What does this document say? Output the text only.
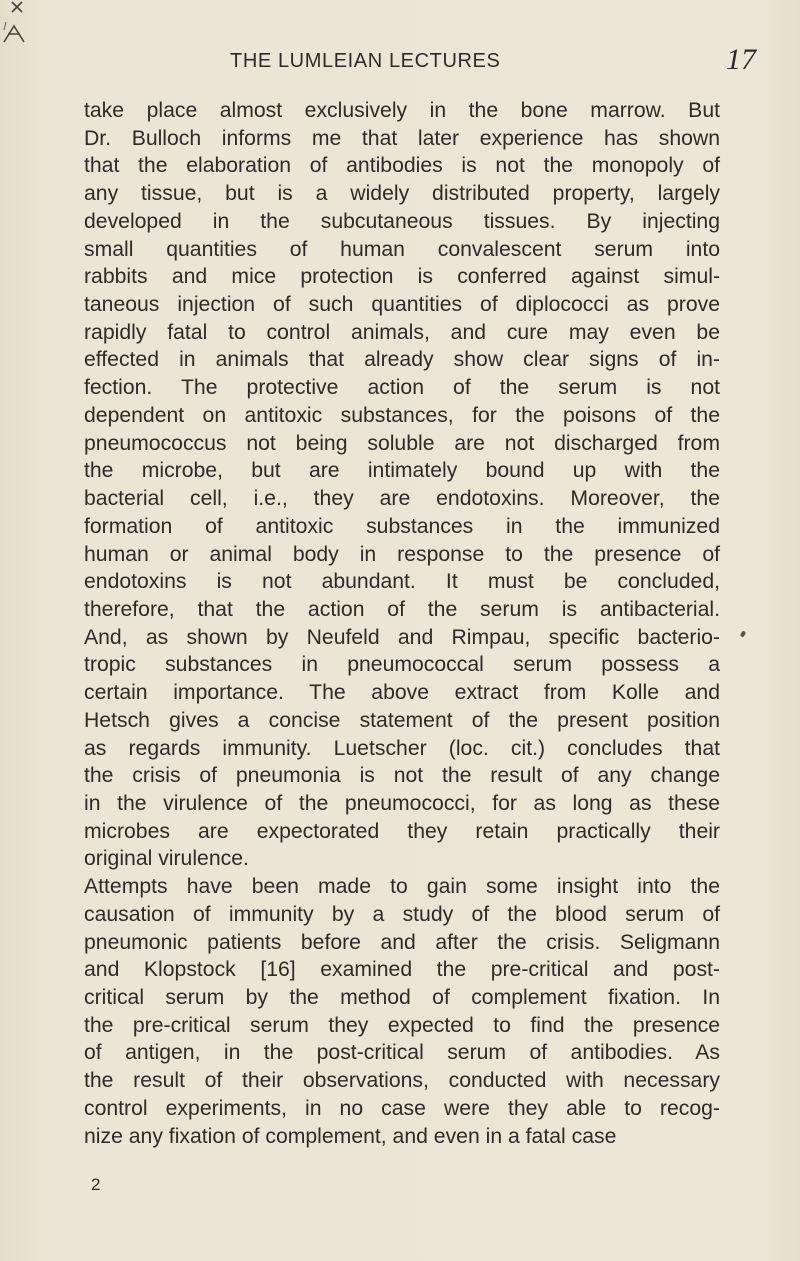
THE LUMLEIAN LECTURES	17
take place almost exclusively in the bone marrow. But
Dr. Bulloch informs me that later experience has shown
that the elaboration of antibodies is not the monopoly of
any tissue, but is a widely distributed property, largely
developed in the subcutaneous tissues. By injecting
small quantities of human convalescent serum into
rabbits and mice protection is conferred against simul-
taneous injection of such quantities of diplococci as prove
rapidly fatal to control animals, and cure may even be
effected in animals that already show clear signs of in-
fection. The protective action of the serum is not
dependent on antitoxic substances, for the poisons of the
pneumococcus not being soluble are not discharged from
the microbe, but are intimately bound up with the
bacterial cell, i.e., they are endotoxins. Moreover, the
formation of antitoxic substances in the immunized
human or animal body in response to the presence of
endotoxins is not abundant. It must be concluded,
therefore, that the action of the serum is antibacterial.
And, as shown by Neufeld and Rimpau, specific bacterio-
tropic substances in pneumococcal serum possess a
certain importance. The above extract from Kolle and
Hetsch gives a concise statement of the present position
as regards immunity. Luetscher (loc. cit.) concludes that
the crisis of pneumonia is not the result of any change
in the virulence of the pneumococci, for as long as these
microbes are expectorated they retain practically their
original virulence.
Attempts have been made to gain some insight into the
causation of immunity by a study of the blood serum of
pneumonic patients before and after the crisis. Seligmann
and Klopstock [16] examined the pre-critical and post-
critical serum by the method of complement fixation. In
the pre-critical serum they expected to find the presence
of antigen, in the post-critical serum of antibodies. As
the result of their observations, conducted with necessary
control experiments, in no case were they able to recog-
nize any fixation of complement, and even in a fatal case
2
